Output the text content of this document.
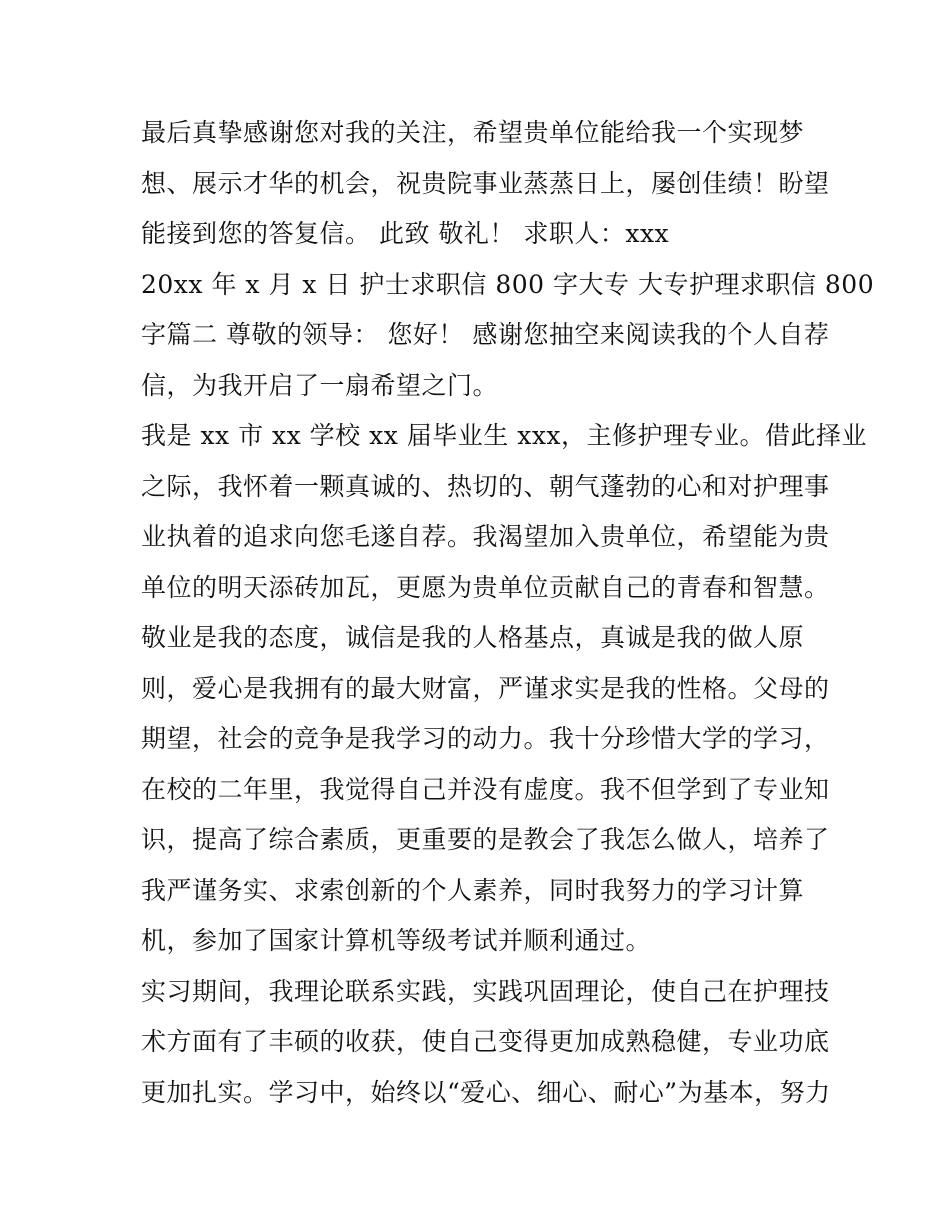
最后真挚感谢您对我的关注，希望贵单位能给我一个实现梦
想、展示才华的机会，祝贵院事业蒸蒸日上，屡创佳绩！盼望
能接到您的答复信。 此致 敬礼！ 求职人：xxx
20xx 年 x 月 x 日 护士求职信 800 字大专 大专护理求职信 800
字篇二 尊敬的领导： 您好！ 感谢您抽空来阅读我的个人自荐
信，为我开启了一扇希望之门。
我是 xx 市 xx 学校 xx 届毕业生 xxx，主修护理专业。借此择业
之际，我怀着一颗真诚的、热切的、朝气蓬勃的心和对护理事
业执着的追求向您毛遂自荐。我渴望加入贵单位，希望能为贵
单位的明天添砖加瓦，更愿为贵单位贡献自己的青春和智慧。
敬业是我的态度，诚信是我的人格基点，真诚是我的做人原
则，爱心是我拥有的最大财富，严谨求实是我的性格。父母的
期望，社会的竞争是我学习的动力。我十分珍惜大学的学习，
在校的二年里，我觉得自己并没有虚度。我不但学到了专业知
识，提高了综合素质，更重要的是教会了我怎么做人，培养了
我严谨务实、求索创新的个人素养，同时我努力的学习计算
机，参加了国家计算机等级考试并顺利通过。
实习期间，我理论联系实践，实践巩固理论，使自己在护理技
术方面有了丰硕的收获，使自己变得更加成熟稳健，专业功底
更加扎实。学习中，始终以“爱心、细心、耐心”为基本，努力
